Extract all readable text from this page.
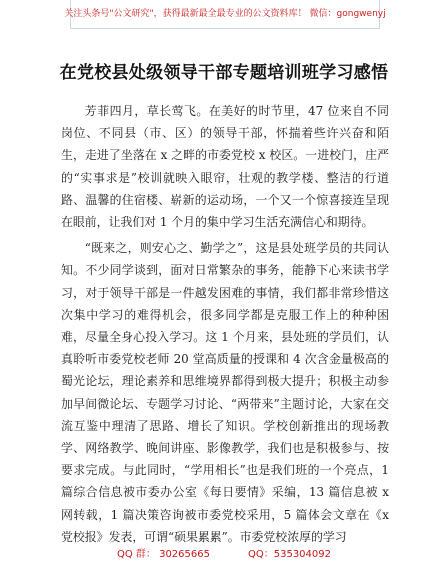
关注头条号"公文研究"，获得最新最全最专业的公文资料库！ 微信：gongwenyj
在党校县处级领导干部专题培训班学习感悟

芳菲四月，草长莺飞。在美好的时节里，47 位来自不同岗位、不同县（市、区）的领导干部，怀揣着些许兴奋和陌生，走进了坐落在 x 之畔的市委党校 x 校区。一进校门，庄严的“实事求是”校训就映入眼帘，壮观的教学楼、整洁的行道路、温馨的住宿楼、崭新的运动场，一个又一个惊喜接连呈现在眼前，让我们对 1 个月的集中学习生活充满信心和期待。

“既来之，则安心之、勤学之”，这是县处班学员的共同认知。不少同学谈到，面对日常繁杂的事务，能静下心来读书学习，对于领导干部是一件越发困难的事情，我们都非常珍惜这次集中学习的难得机会，很多同学都是克服工作上的种种困难，尽量全身心投入学习。这 1 个月来，县处班的学员们，认真聆听市委党校老师 20 堂高质量的授课和 4 次含金量极高的蜀光论坛，理论素养和思维境界都得到极大提升；积极主动参加早间微论坛、专题学习讨论、“两带来”主题讨论，大家在交流互鉴中理清了思路、增长了知识。学校创新推出的现场教学、网络教学、晚间讲座、影像教学，我们也是积极参与、按要求完成。与此同时，“学用相长”也是我们班的一个亮点，1 篇综合信息被市委办公室《每日要情》采编，13 篇信息被 x 网转载，1 篇决策咨询被市委党校采用，5 篇体会文章在《x 党校报》发表，可谓“硕果累累”。市委党校浓厚的学习

QQ 群： 30265665	QQ：535304092
